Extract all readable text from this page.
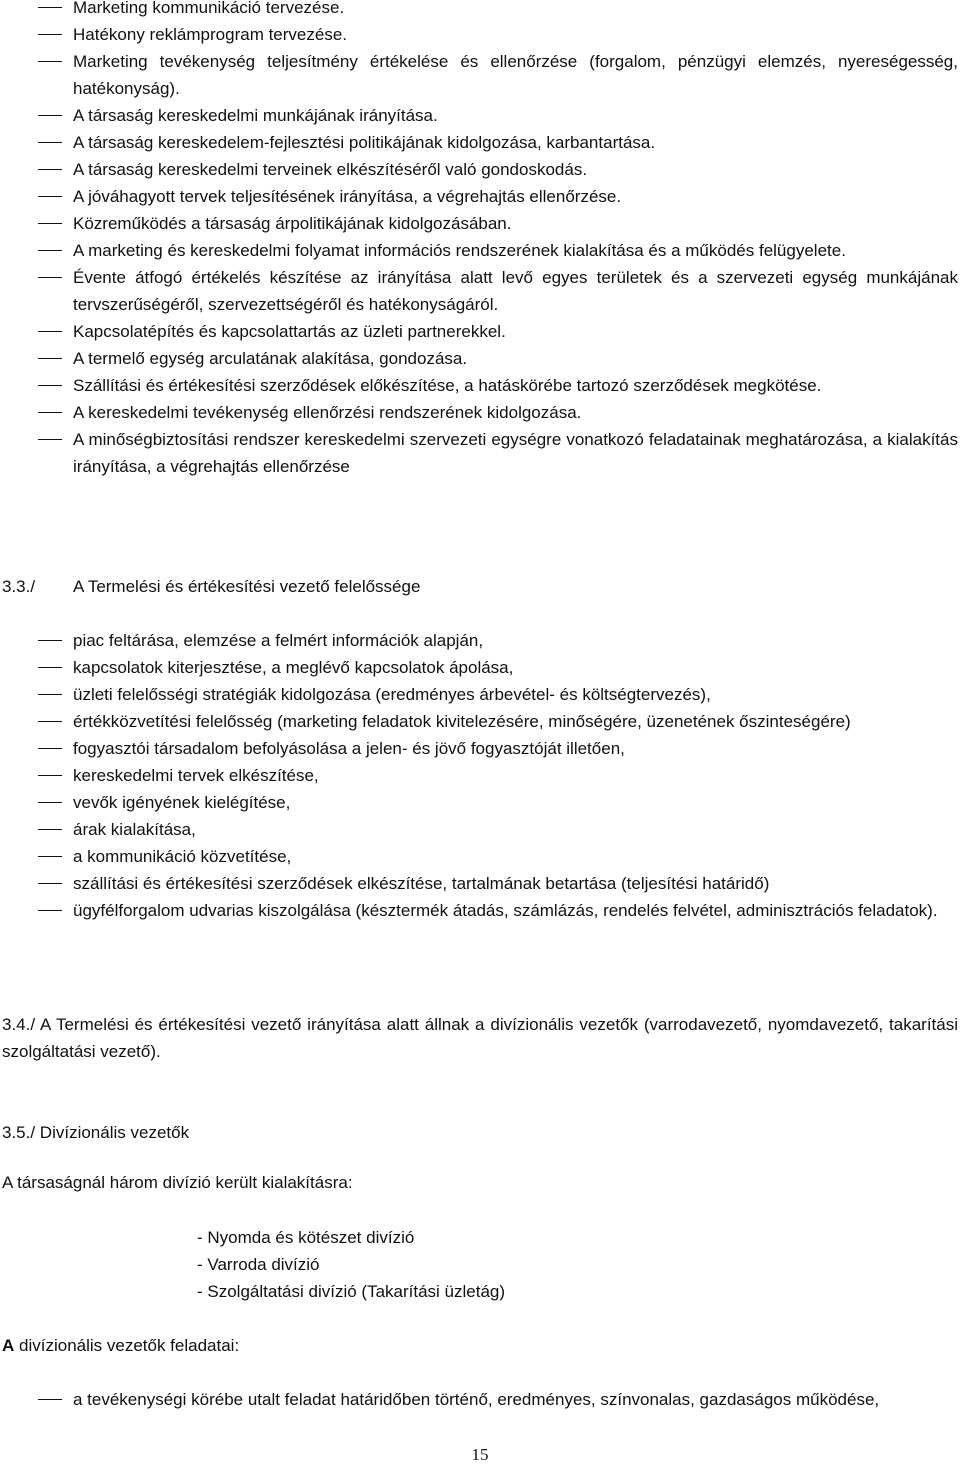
Marketing kommunikáció tervezése.
Hatékony reklámprogram tervezése.
Marketing tevékenység teljesítmény értékelése és ellenőrzése (forgalom, pénzügyi elemzés, nyereségesség, hatékonyság).
A társaság kereskedelmi munkájának irányítása.
A társaság kereskedelem-fejlesztési politikájának kidolgozása, karbantartása.
A társaság kereskedelmi terveinek elkészítéséről való gondoskodás.
A jóváhagyott tervek teljesítésének irányítása, a végrehajtás ellenőrzése.
Közreműködés a társaság árpolitikájának kidolgozásában.
A marketing és kereskedelmi folyamat információs rendszerének kialakítása és a működés felügyelete.
Évente átfogó értékelés készítése az irányítása alatt levő egyes területek és a szervezeti egység munkájának tervszerűségéről, szervezettségéről és hatékonyságáról.
Kapcsolatépítés és kapcsolattartás az üzleti partnerekkel.
A termelő egység arculatának alakítása, gondozása.
Szállítási és értékesítési szerződések előkészítése, a hatáskörébe tartozó szerződések megkötése.
A kereskedelmi tevékenység ellenőrzési rendszerének kidolgozása.
A minőségbiztosítási rendszer kereskedelmi szervezeti egységre vonatkozó feladatainak meghatározása, a kialakítás irányítása, a végrehajtás ellenőrzése
3.3./ A Termelési és értékesítési vezető felelőssége
piac feltárása, elemzése a felmért információk alapján,
kapcsolatok kiterjesztése, a meglévő kapcsolatok ápolása,
üzleti felelősségi stratégiák kidolgozása (eredményes árbevétel- és költségtervezés),
értékközvetítési felelősség (marketing feladatok kivitelezésére, minőségére, üzenetének őszinteségére)
fogyasztói társadalom befolyásolása a jelen- és jövő fogyasztóját illetően,
kereskedelmi tervek elkészítése,
vevők igényének kielégítése,
árak kialakítása,
a kommunikáció közvetítése,
szállítási és értékesítési szerződések elkészítése, tartalmának betartása (teljesítési határidő)
ügyfélforgalom udvarias kiszolgálása (késztermék átadás, számlázás, rendelés felvétel, adminisztrációs feladatok).

3.4./ A Termelési és értékesítési vezető irányítása alatt állnak a divízionális vezetők (varrodavezető, nyomdavezető, takarítási szolgáltatási vezető).

3.5./ Divízionális vezetők

A társaságnál három divízió került kialakításra:

- Nyomda és kötészet divízió
- Varroda divízió
- Szolgáltatási divízió (Takarítási üzletág)

A divízionális vezetők feladatai:

a tevékenységi körébe utalt feladat határidőben történő, eredményes, színvonalas, gazdaságos működése,
15
